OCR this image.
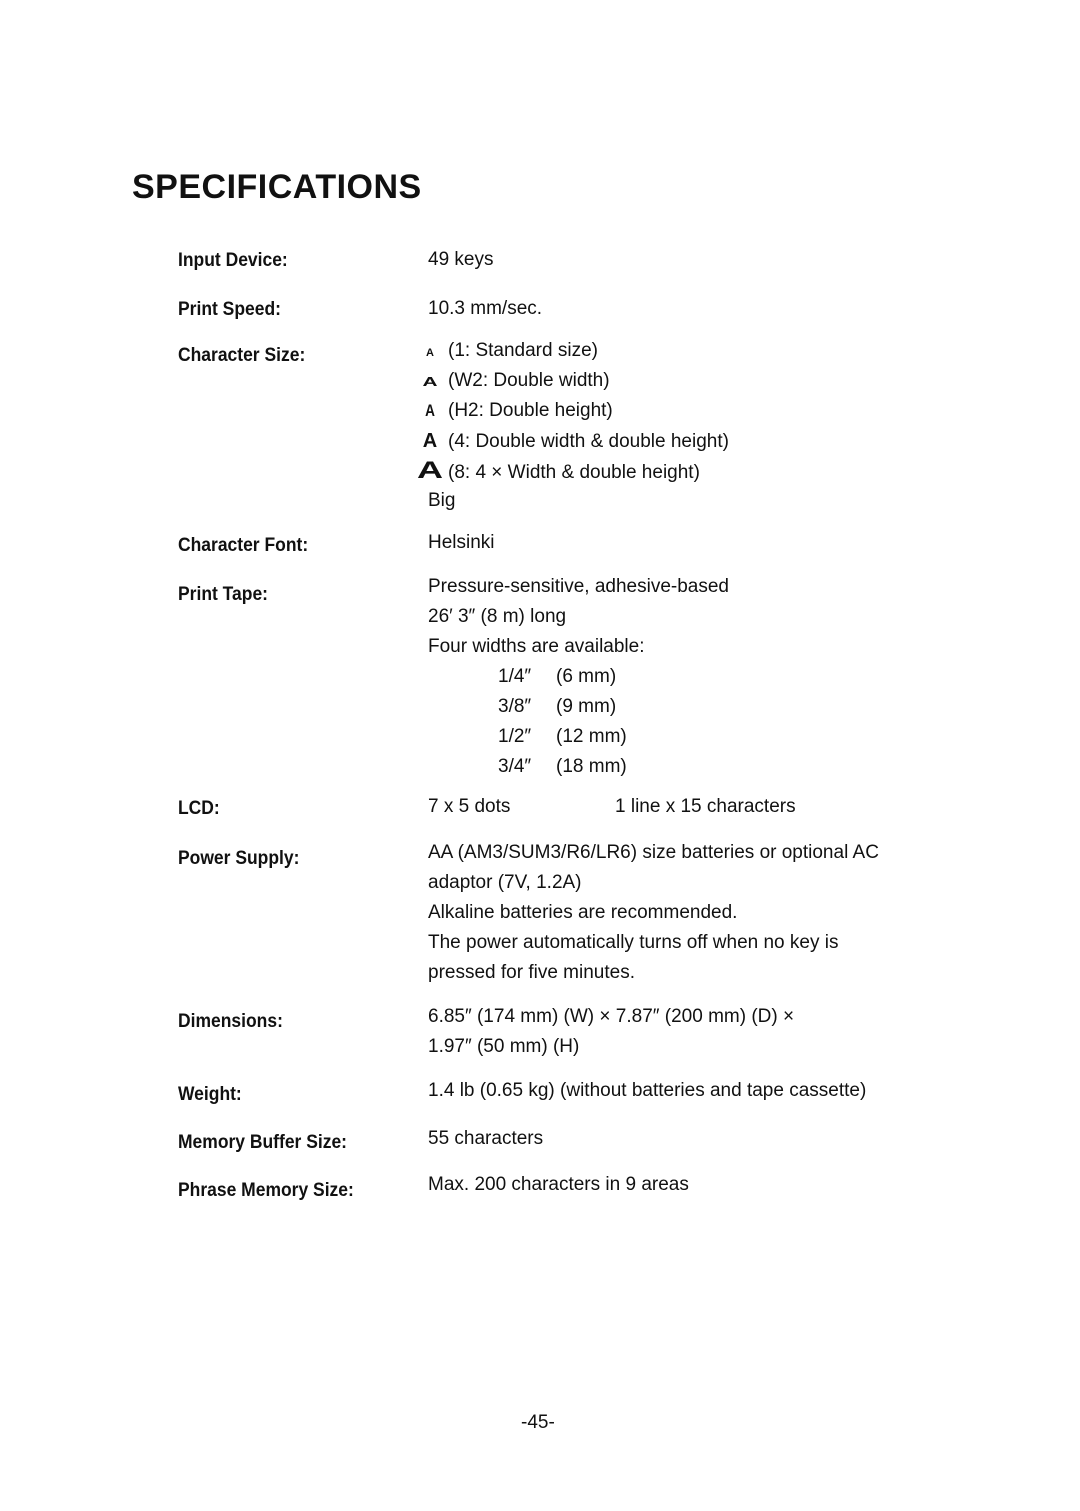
SPECIFICATIONS
Input Device:	49 keys
Print Speed:	10.3 mm/sec.
Character Size:	A (1: Standard size)
A (W2: Double width)
A (H2: Double height)
A (4: Double width & double height)
A (8: 4 × Width & double height)
Big
Character Font:	Helsinki
Print Tape:	Pressure-sensitive, adhesive-based
26′ 3″ (8 m) long
Four widths are available:
1/4″ (6 mm)
3/8″ (9 mm)
1/2″ (12 mm)
3/4″ (18 mm)
LCD:	7 x 5 dots	1 line x 15 characters
Power Supply:	AA (AM3/SUM3/R6/LR6) size batteries or optional AC
adaptor (7V, 1.2A)
Alkaline batteries are recommended.
The power automatically turns off when no key is
pressed for five minutes.
Dimensions:	6.85″ (174 mm) (W) × 7.87″ (200 mm) (D) ×
1.97″ (50 mm) (H)
Weight:	1.4 lb (0.65 kg) (without batteries and tape cassette)
Memory Buffer Size:	55 characters
Phrase Memory Size:	Max. 200 characters in 9 areas
-45-
